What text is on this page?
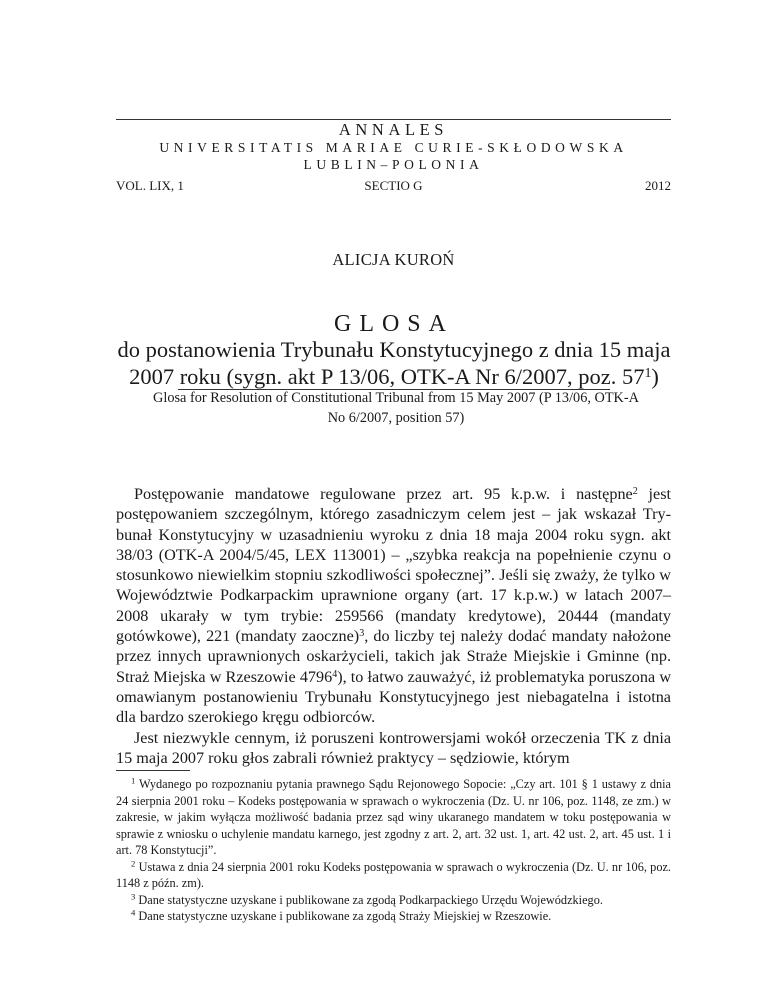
ANNALES
UNIVERSITATIS MARIAE CURIE-SKŁODOWSKA
LUBLIN–POLONIA
VOL. LIX, 1	SECTIO G	2012
ALICJA KUROŃ
GLOSA
do postanowienia Trybunału Konstytucyjnego z dnia 15 maja
2007 roku (sygn. akt P 13/06, OTK-A Nr 6/2007, poz. $57^1$)
Glosa for Resolution of Constitutional Tribunal from 15 May 2007 (P 13/06, OTK-A
No 6/2007, position 57)

Postępowanie mandatowe regulowane przez art. 95 k.p.w. i następne$^2$ jest postępowaniem szczególnym, którego zasadniczym celem jest – jak wskazał Trybunał Konstytucyjny w uzasadnieniu wyroku z dnia 18 maja 2004 roku sygn. akt 38/03 (OTK-A 2004/5/45, LEX 113001) – „szybka reakcja na popełnienie czynu o stosunkowo niewielkim stopniu szkodliwości społecznej”. Jeśli się zważy, że tylko w Województwie Podkarpackim uprawnione organy (art. 17 k.p.w.) w latach 2007–2008 ukarały w tym trybie: 259566 (mandaty kredytowe), 20444 (mandaty gotówkowe), 221 (mandaty zaoczne)$^3$, do liczby tej należy dodać mandaty nałożone przez innych uprawnionych oskarżycieli, takich jak Straże Miejskie i Gminne (np. Straż Miejska w Rzeszowie 4796$^4$), to łatwo zauważyć, iż problematyka poruszona w omawianym postanowieniu Trybunału Konstytucyjnego jest niebagatelna i istotna dla bardzo szerokiego kręgu odbiorców.

Jest niezwykle cennym, iż poruszeni kontrowersjami wokół orzeczenia TK z dnia 15 maja 2007 roku głos zabrali również praktycy – sędziowie, którym

$^1$ Wydanego po rozpoznaniu pytania prawnego Sądu Rejonowego Sopocie: „Czy art. 101 § 1 ustawy z dnia 24 sierpnia 2001 roku – Kodeks postępowania w sprawach o wykroczenia (Dz. U. nr 106, poz. 1148, ze zm.) w zakresie, w jakim wyłącza możliwość badania przez sąd winy ukaranego mandatem w toku postępowania w sprawie z wniosku o uchylenie mandatu karnego, jest zgodny z art. 2, art. 32 ust. 1, art. 42 ust. 2, art. 45 ust. 1 i art. 78 Konstytucji”.

$^2$ Ustawa z dnia 24 sierpnia 2001 roku Kodeks postępowania w sprawach o wykroczenia (Dz. U. nr 106, poz. 1148 z późn. zm).

$^3$ Dane statystyczne uzyskane i publikowane za zgodą Podkarpackiego Urzędu Wojewódzkiego.

$^4$ Dane statystyczne uzyskane i publikowane za zgodą Straży Miejskiej w Rzeszowie.
